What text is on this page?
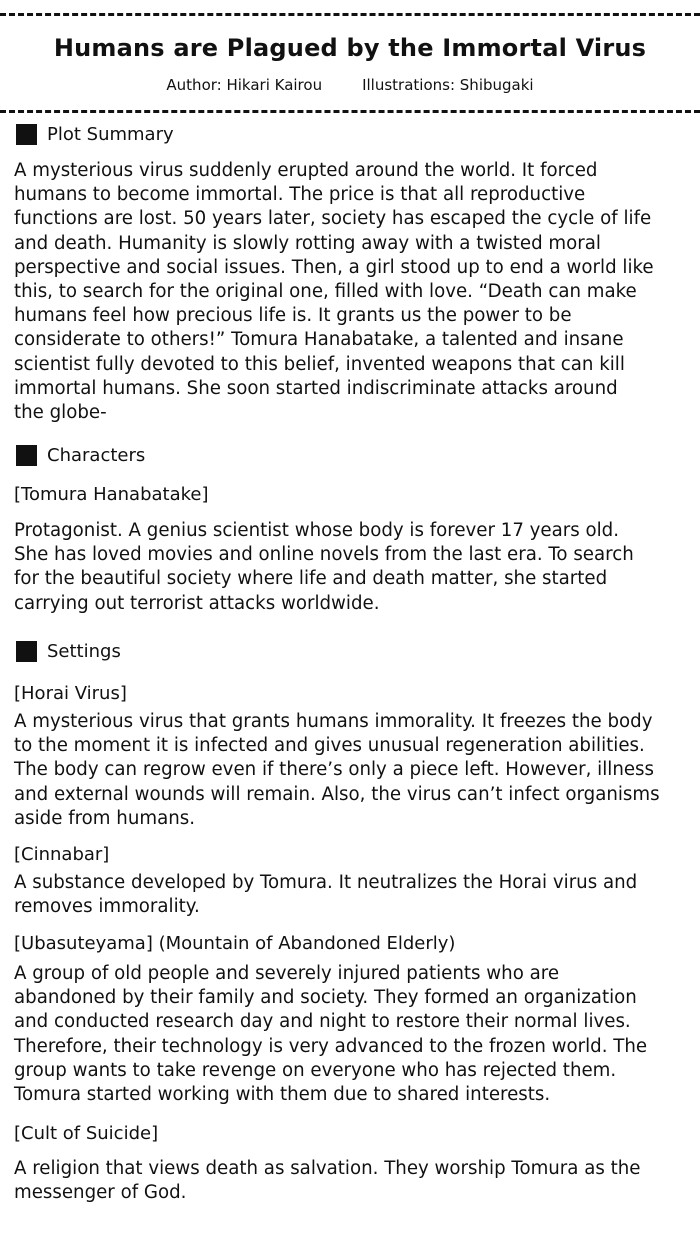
Humans are Plagued by the Immortal Virus
Author: Hikari Kairou	Illustrations: Shibugaki
Plot Summary
A mysterious virus suddenly erupted around the world. It forced
humans to become immortal. The price is that all reproductive
functions are lost. 50 years later, society has escaped the cycle of life
and death. Humanity is slowly rotting away with a twisted moral
perspective and social issues. Then, a girl stood up to end a world like
this, to search for the original one, filled with love. “Death can make
humans feel how precious life is. It grants us the power to be
considerate to others!” Tomura Hanabatake, a talented and insane
scientist fully devoted to this belief, invented weapons that can kill
immortal humans. She soon started indiscriminate attacks around
the globe-
Characters
[Tomura Hanabatake]
Protagonist. A genius scientist whose body is forever 17 years old.
She has loved movies and online novels from the last era. To search
for the beautiful society where life and death matter, she started
carrying out terrorist attacks worldwide.
Settings
[Horai Virus]
A mysterious virus that grants humans immorality. It freezes the body
to the moment it is infected and gives unusual regeneration abilities.
The body can regrow even if there’s only a piece left. However, illness
and external wounds will remain. Also, the virus can’t infect organisms
aside from humans.
[Cinnabar]
A substance developed by Tomura. It neutralizes the Horai virus and
removes immorality.
[Ubasuteyama] (Mountain of Abandoned Elderly)
A group of old people and severely injured patients who are
abandoned by their family and society. They formed an organization
and conducted research day and night to restore their normal lives.
Therefore, their technology is very advanced to the frozen world. The
group wants to take revenge on everyone who has rejected them.
Tomura started working with them due to shared interests.
[Cult of Suicide]
A religion that views death as salvation. They worship Tomura as the
messenger of God.
